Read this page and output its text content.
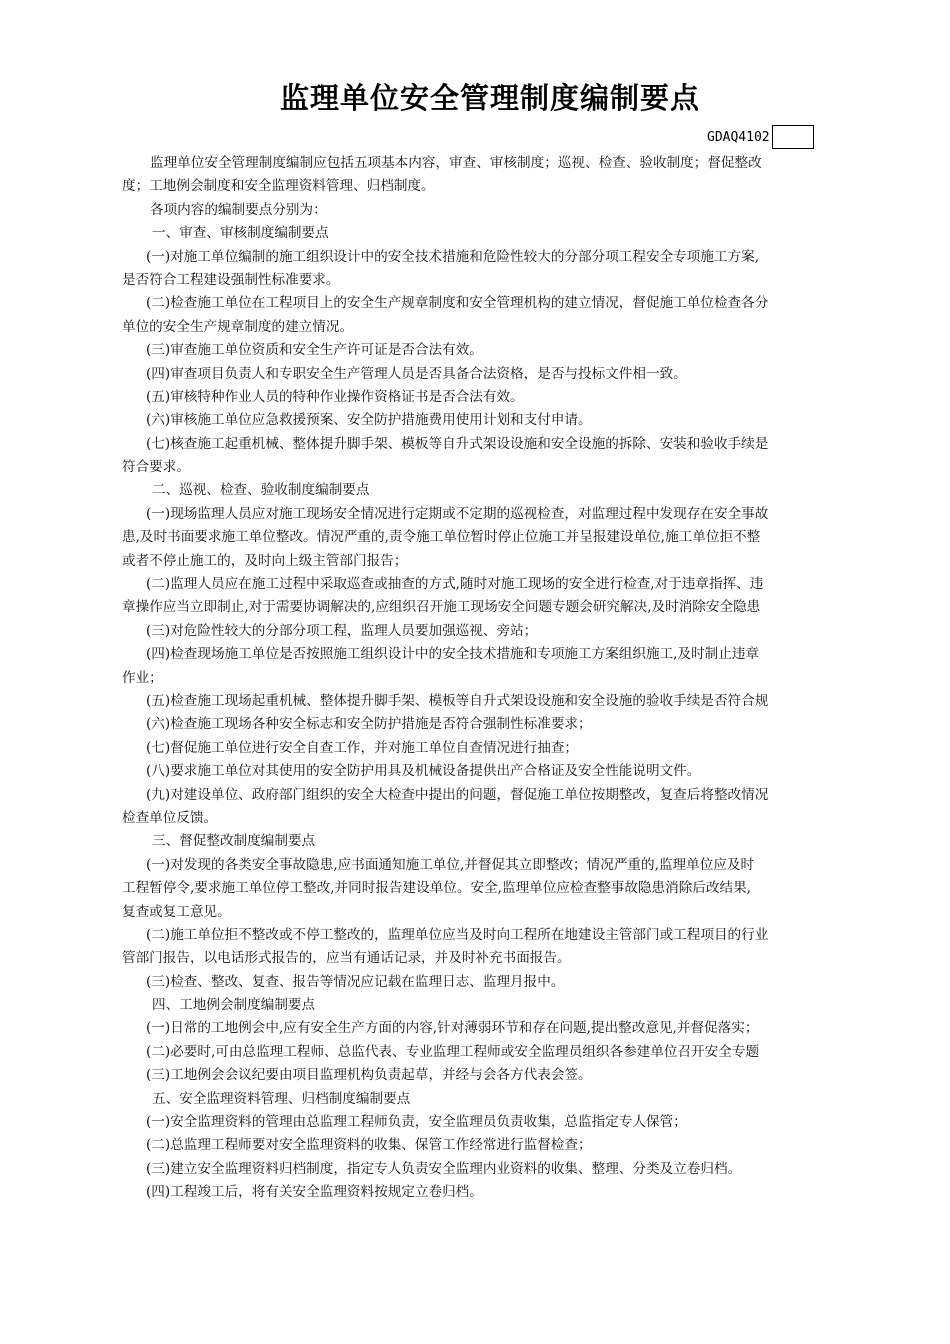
监理单位安全管理制度编制要点
GDAQ4102
监理单位安全管理制度编制应包括五项基本内容，审查、审核制度；巡视、检查、验收制度；督促整改
度；工地例会制度和安全监理资料管理、归档制度。
各项内容的编制要点分别为：
一、审查、审核制度编制要点
(一)对施工单位编制的施工组织设计中的安全技术措施和危险性较大的分部分项工程安全专项施工方案,
是否符合工程建设强制性标准要求。
(二)检查施工单位在工程项目上的安全生产规章制度和安全管理机构的建立情况，督促施工单位检查各分
单位的安全生产规章制度的建立情况。
(三)审查施工单位资质和安全生产许可证是否合法有效。
(四)审查项目负责人和专职安全生产管理人员是否具备合法资格，是否与投标文件相一致。
(五)审核特种作业人员的特种作业操作资格证书是否合法有效。
(六)审核施工单位应急救援预案、安全防护措施费用使用计划和支付申请。
(七)核查施工起重机械、整体提升脚手架、模板等自升式架设设施和安全设施的拆除、安装和验收手续是
符合要求。
二、巡视、检查、验收制度编制要点
(一)现场监理人员应对施工现场安全情况进行定期或不定期的巡视检查，对监理过程中发现存在安全事故
患,及时书面要求施工单位整改。情况严重的,责令施工单位暂时停止位施工并呈报建设单位,施工单位拒不整
或者不停止施工的，及时向上级主管部门报告；
(二)监理人员应在施工过程中采取巡查或抽查的方式,随时对施工现场的安全进行检查,对于违章指挥、违
章操作应当立即制止,对于需要协调解决的,应组织召开施工现场安全问题专题会研究解决,及时消除安全隐患
(三)对危险性较大的分部分项工程，监理人员要加强巡视、旁站；
(四)检查现场施工单位是否按照施工组织设计中的安全技术措施和专项施工方案组织施工,及时制止违章
作业；
(五)检查施工现场起重机械、整体提升脚手架、模板等自升式架设设施和安全设施的验收手续是否符合规
(六)检查施工现场各种安全标志和安全防护措施是否符合强制性标准要求；
(七)督促施工单位进行安全自查工作，并对施工单位自查情况进行抽查；
(八)要求施工单位对其使用的安全防护用具及机械设备提供出产合格证及安全性能说明文件。
(九)对建设单位、政府部门组织的安全大检查中提出的问题，督促施工单位按期整改，复查后将整改情况
检查单位反馈。
三、督促整改制度编制要点
(一)对发现的各类安全事故隐患,应书面通知施工单位,并督促其立即整改；情况严重的,监理单位应及时
工程暂停令,要求施工单位停工整改,并同时报告建设单位。安全,监理单位应检查整事故隐患消除后改结果,
复查或复工意见。
(二)施工单位拒不整改或不停工整改的，监理单位应当及时向工程所在地建设主管部门或工程项目的行业
管部门报告，以电话形式报告的，应当有通话记录，并及时补充书面报告。
(三)检查、整改、复查、报告等情况应记载在监理日志、监理月报中。
四、工地例会制度编制要点
(一)日常的工地例会中,应有安全生产方面的内容,针对薄弱环节和存在问题,提出整改意见,并督促落实；
(二)必要时,可由总监理工程师、总监代表、专业监理工程师或安全监理员组织各参建单位召开安全专题
(三)工地例会会议纪要由项目监理机构负责起草，并经与会各方代表会签。
五、安全监理资料管理、归档制度编制要点
(一)安全监理资料的管理由总监理工程师负责，安全监理员负责收集，总监指定专人保管；
(二)总监理工程师要对安全监理资料的收集、保管工作经常进行监督检查；
(三)建立安全监理资料归档制度，指定专人负责安全监理内业资料的收集、整理、分类及立卷归档。
(四)工程竣工后，将有关安全监理资料按规定立卷归档。
